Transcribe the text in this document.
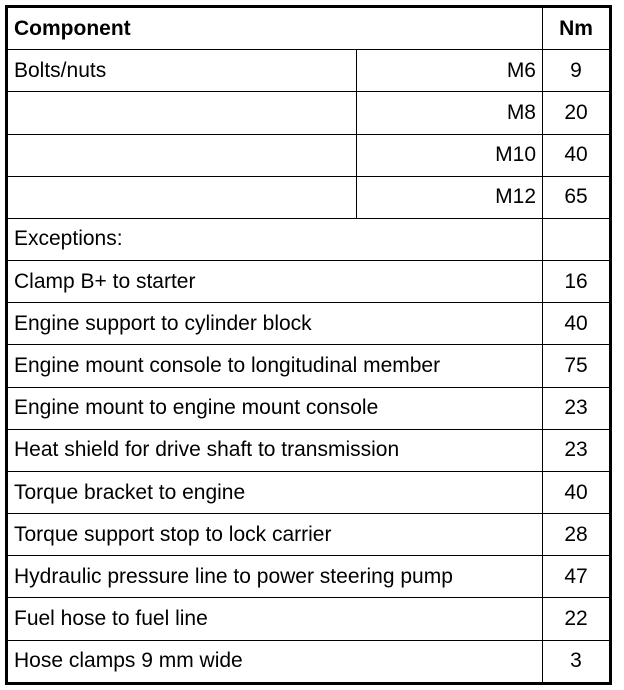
Component		Nm
Bolts/nuts	M6	9
	M8	20
	M10	40
	M12	65
Exceptions:		
Clamp B+ to starter		16
Engine support to cylinder block		40
Engine mount console to longitudinal member		75
Engine mount to engine mount console		23
Heat shield for drive shaft to transmission		23
Torque bracket to engine		40
Torque support stop to lock carrier		28
Hydraulic pressure line to power steering pump		47
Fuel hose to fuel line		22
Hose clamps 9 mm wide		3
